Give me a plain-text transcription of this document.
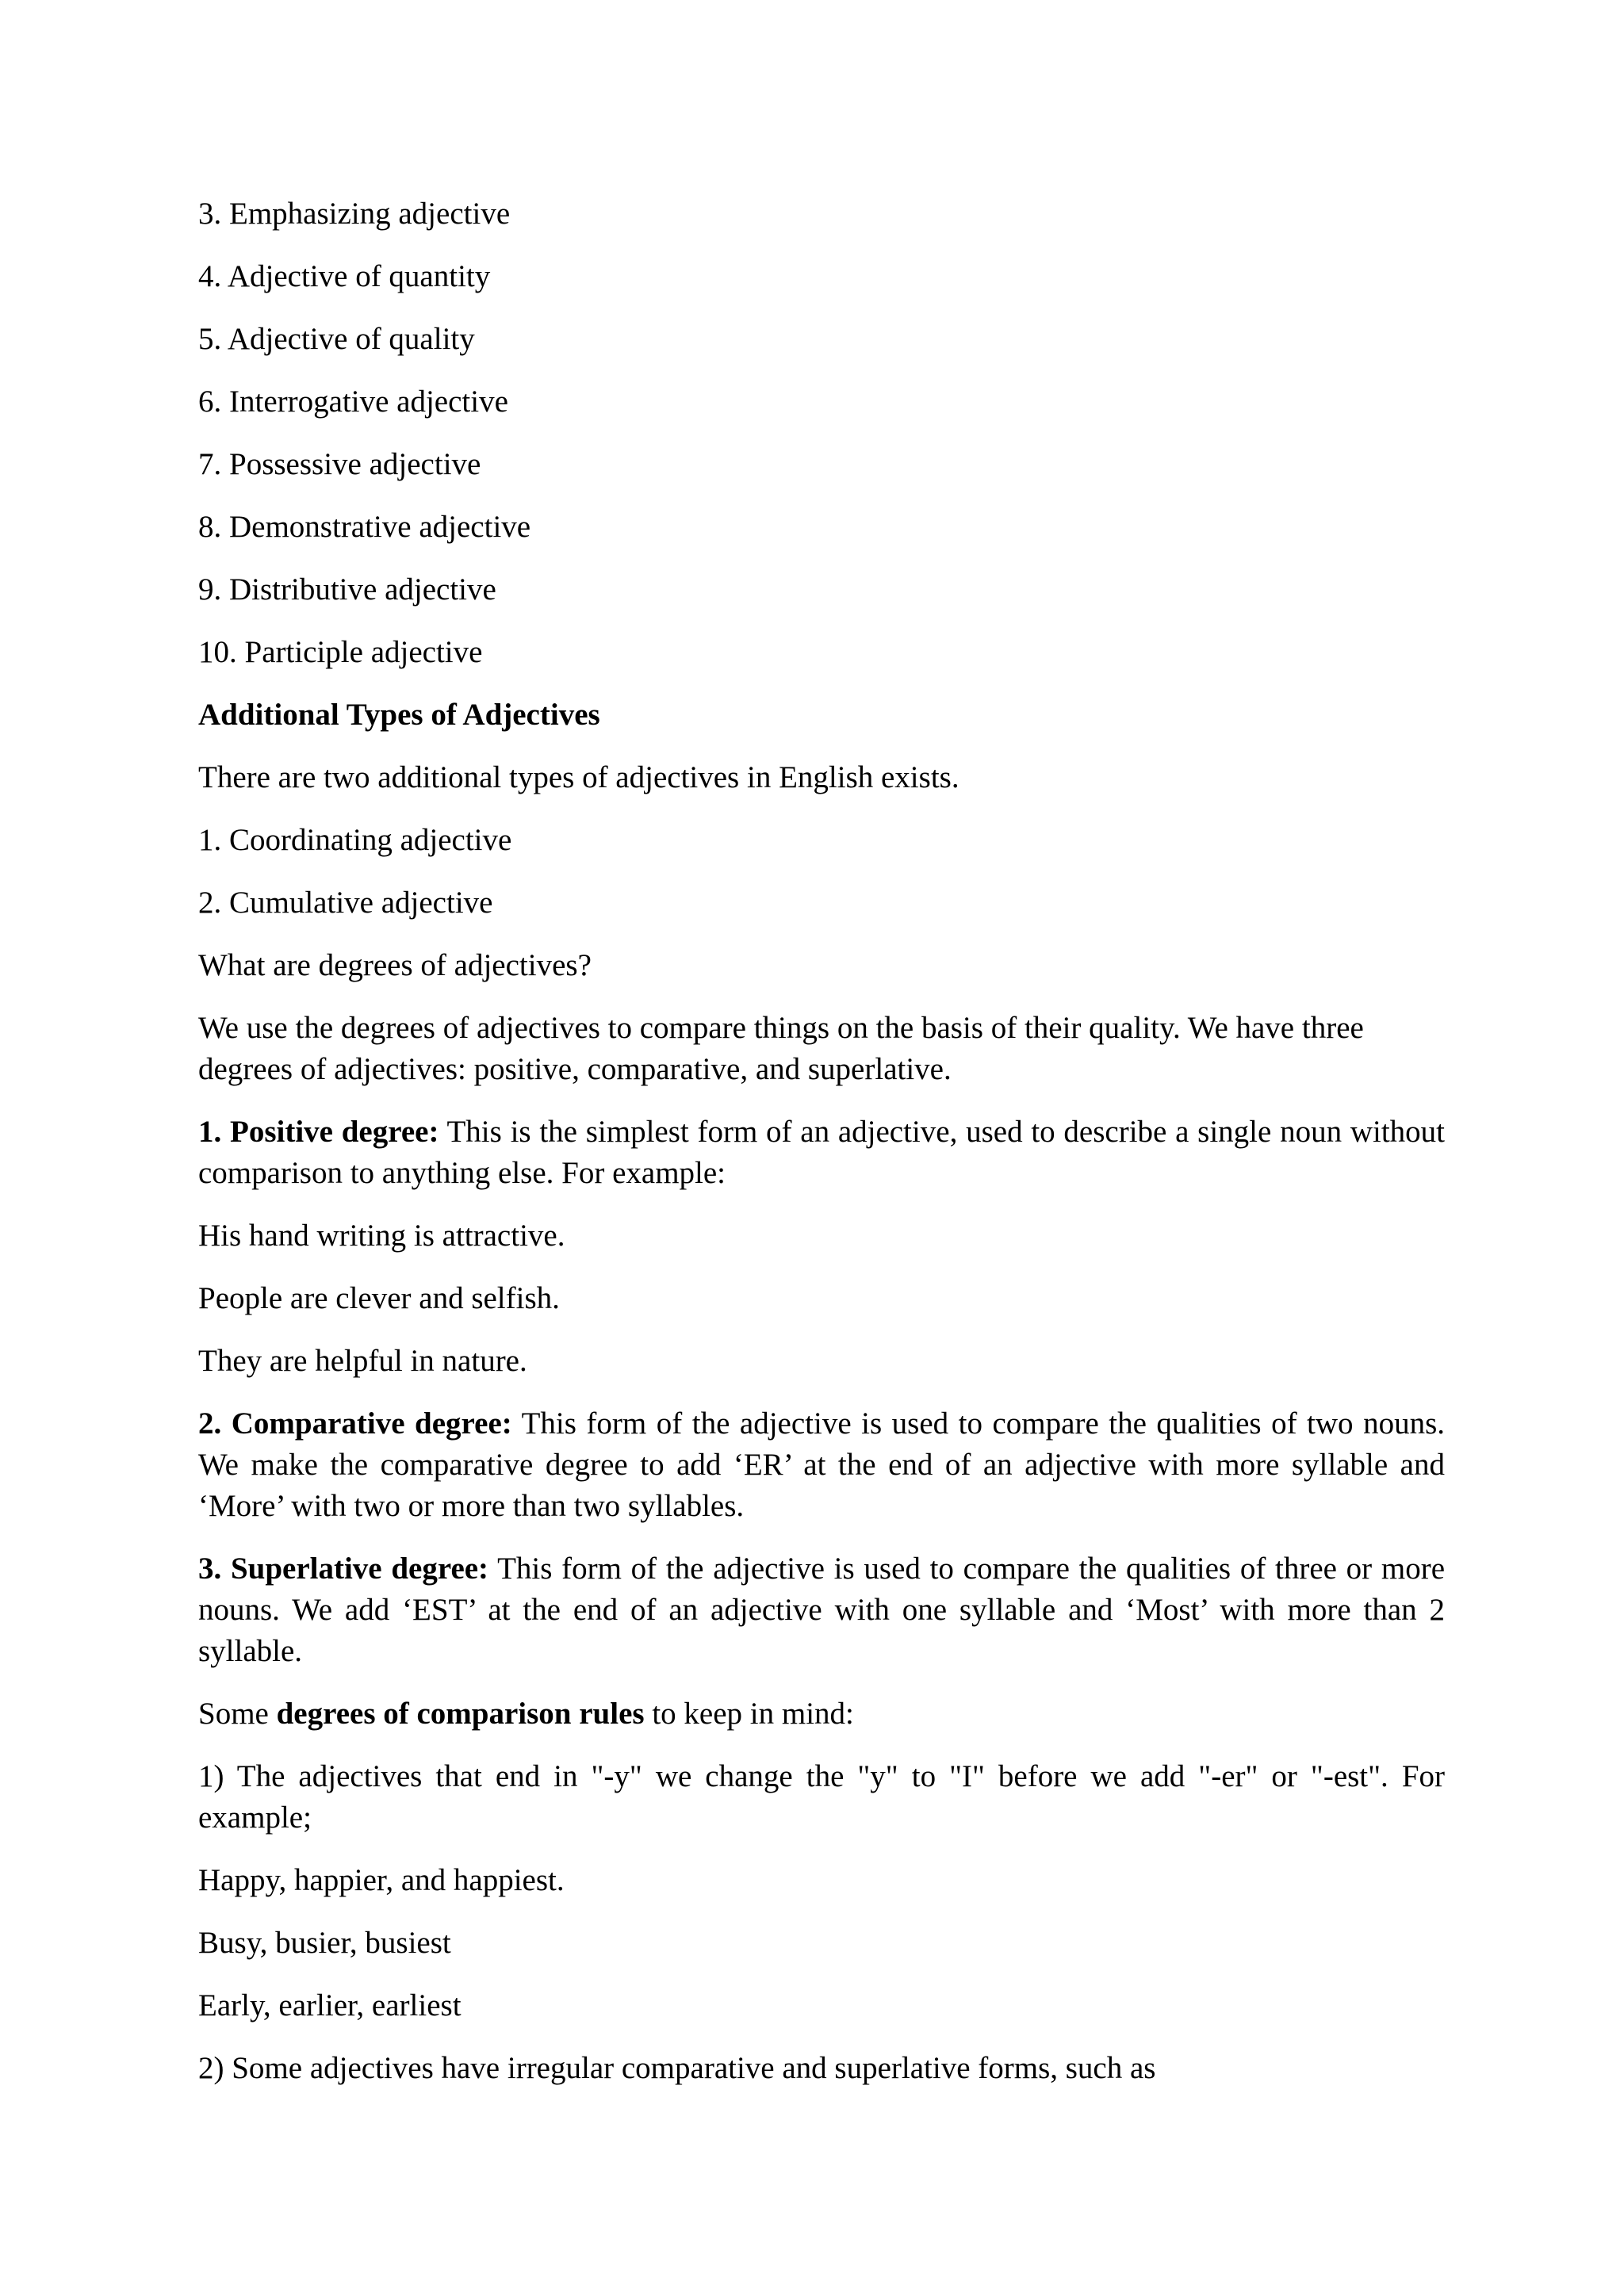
3. Emphasizing adjective
4. Adjective of quantity
5. Adjective of quality
6. Interrogative adjective
7. Possessive adjective
8. Demonstrative adjective
9. Distributive adjective
10. Participle adjective
Additional Types of Adjectives
There are two additional types of adjectives in English exists.
1. Coordinating adjective
2. Cumulative adjective
What are degrees of adjectives?
We use the degrees of adjectives to compare things on the basis of their quality. We have three degrees of adjectives: positive, comparative, and superlative.
1. Positive degree: This is the simplest form of an adjective, used to describe a single noun without comparison to anything else. For example:
His hand writing is attractive.
People are clever and selfish.
They are helpful in nature.
2. Comparative degree: This form of the adjective is used to compare the qualities of two nouns. We make the comparative degree to add ‘ER’ at the end of an adjective with more syllable and ‘More’ with two or more than two syllables.
3. Superlative degree: This form of the adjective is used to compare the qualities of three or more nouns. We add ‘EST’ at the end of an adjective with one syllable and ‘Most’ with more than 2 syllable.
Some degrees of comparison rules to keep in mind:
1) The adjectives that end in "-y" we change the "y" to "I" before we add "-er" or "-est". For example;
Happy, happier, and happiest.
Busy, busier, busiest
Early, earlier, earliest
2) Some adjectives have irregular comparative and superlative forms, such as
